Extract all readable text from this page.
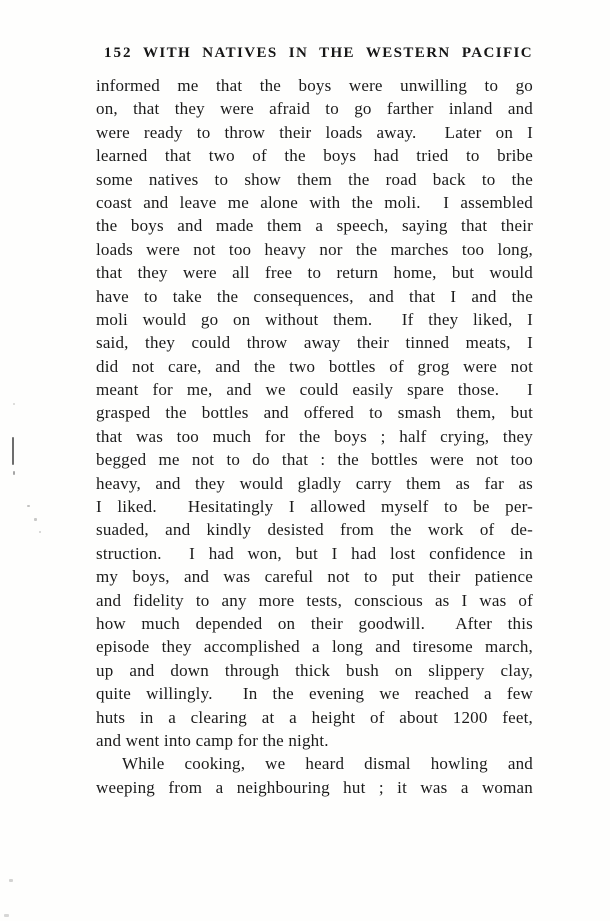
152 WITH NATIVES IN THE WESTERN PACIFIC
informed me that the boys were unwilling to go
on, that they were afraid to go farther inland and
were ready to throw their loads away.  Later on I
learned that two of the boys had tried to bribe
some natives to show them the road back to the
coast and leave me alone with the moli.  I assembled
the boys and made them a speech, saying that their
loads were not too heavy nor the marches too long,
that they were all free to return home, but would
have to take the consequences, and that I and the
moli would go on without them.  If they liked, I
said, they could throw away their tinned meats, I
did not care, and the two bottles of grog were not
meant for me, and we could easily spare those.  I
grasped the bottles and offered to smash them, but
that was too much for the boys ; half crying, they
begged me not to do that : the bottles were not too
heavy, and they would gladly carry them as far as
I liked.  Hesitatingly I allowed myself to be per-
suaded, and kindly desisted from the work of de-
struction.  I had won, but I had lost confidence in
my boys, and was careful not to put their patience
and fidelity to any more tests, conscious as I was of
how much depended on their goodwill.  After this
episode they accomplished a long and tiresome march,
up and down through thick bush on slippery clay,
quite willingly.  In the evening we reached a few
huts in a clearing at a height of about 1200 feet,
and went into camp for the night.
While cooking, we heard dismal howling and
weeping from a neighbouring hut ; it was a woman
